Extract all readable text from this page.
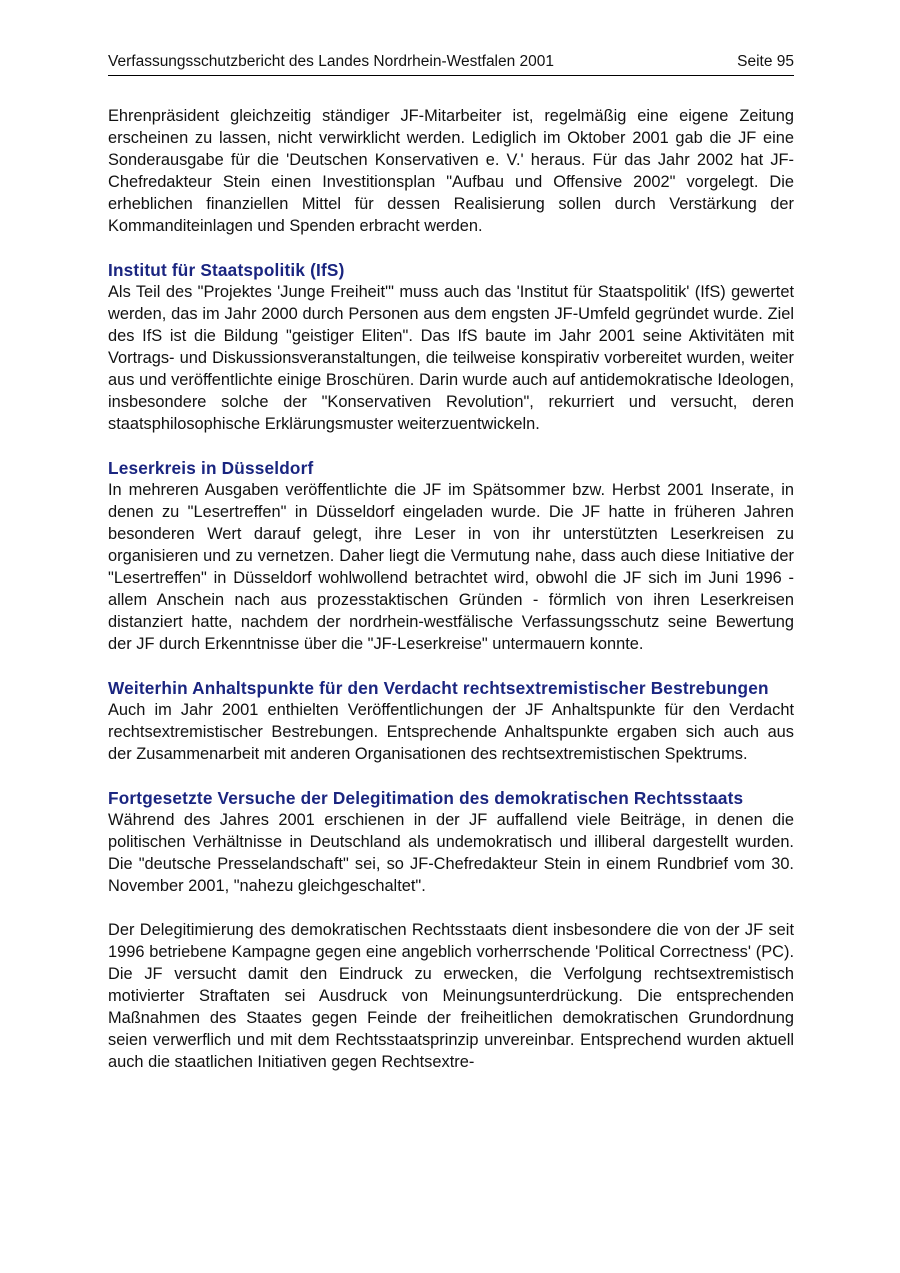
Verfassungsschutzbericht des Landes Nordrhein-Westfalen 2001	Seite 95

Ehrenpräsident gleichzeitig ständiger JF-Mitarbeiter ist, regelmäßig eine eigene Zeitung erscheinen zu lassen, nicht verwirklicht werden. Lediglich im Oktober 2001 gab die JF eine Sonderausgabe für die 'Deutschen Konservativen e. V.' heraus. Für das Jahr 2002 hat JF-Chefredakteur Stein einen Investitionsplan "Aufbau und Offensive 2002" vorgelegt. Die erheblichen finanziellen Mittel für dessen Realisierung sollen durch Verstärkung der Kommanditeinlagen und Spenden erbracht werden.

Institut für Staatspolitik (IfS)

Als Teil des "Projektes 'Junge Freiheit'" muss auch das 'Institut für Staatspolitik' (IfS) gewertet werden, das im Jahr 2000 durch Personen aus dem engsten JF-Umfeld gegründet wurde. Ziel des IfS ist die Bildung "geistiger Eliten". Das IfS baute im Jahr 2001 seine Aktivitäten mit Vortrags- und Diskussionsveranstaltungen, die teilweise konspirativ vorbereitet wurden, weiter aus und veröffentlichte einige Broschüren. Darin wurde auch auf antidemokratische Ideologen, insbesondere solche der "Konservativen Revolution", rekurriert und versucht, deren staatsphilosophische Erklärungsmuster weiterzuentwickeln.

Leserkreis in Düsseldorf

In mehreren Ausgaben veröffentlichte die JF im Spätsommer bzw. Herbst 2001 Inserate, in denen zu "Lesertreffen" in Düsseldorf eingeladen wurde. Die JF hatte in früheren Jahren besonderen Wert darauf gelegt, ihre Leser in von ihr unterstützten Leserkreisen zu organisieren und zu vernetzen. Daher liegt die Vermutung nahe, dass auch diese Initiative der "Lesertreffen" in Düsseldorf wohlwollend betrachtet wird, obwohl die JF sich im Juni 1996 - allem Anschein nach aus prozesstaktischen Gründen - förmlich von ihren Leserkreisen distanziert hatte, nachdem der nordrhein-westfälische Verfassungsschutz seine Bewertung der JF durch Erkenntnisse über die "JF-Leserkreise" untermauern konnte.

Weiterhin Anhaltspunkte für den Verdacht rechtsextremistischer Bestrebungen

Auch im Jahr 2001 enthielten Veröffentlichungen der JF Anhaltspunkte für den Verdacht rechtsextremistischer Bestrebungen. Entsprechende Anhaltspunkte ergaben sich auch aus der Zusammenarbeit mit anderen Organisationen des rechtsextremistischen Spektrums.

Fortgesetzte Versuche der Delegitimation des demokratischen Rechtsstaats

Während des Jahres 2001 erschienen in der JF auffallend viele Beiträge, in denen die politischen Verhältnisse in Deutschland als undemokratisch und illiberal dargestellt wurden. Die "deutsche Presselandschaft" sei, so JF-Chefredakteur Stein in einem Rundbrief vom 30. November 2001, "nahezu gleichgeschaltet".

Der Delegitimierung des demokratischen Rechtsstaats dient insbesondere die von der JF seit 1996 betriebene Kampagne gegen eine angeblich vorherrschende 'Political Correctness' (PC). Die JF versucht damit den Eindruck zu erwecken, die Verfolgung rechtsextremistisch motivierter Straftaten sei Ausdruck von Meinungsunterdrückung. Die entsprechenden Maßnahmen des Staates gegen Feinde der freiheitlichen demokratischen Grundordnung seien verwerflich und mit dem Rechtsstaatsprinzip unvereinbar. Entsprechend wurden aktuell auch die staatlichen Initiativen gegen Rechtsextre-
